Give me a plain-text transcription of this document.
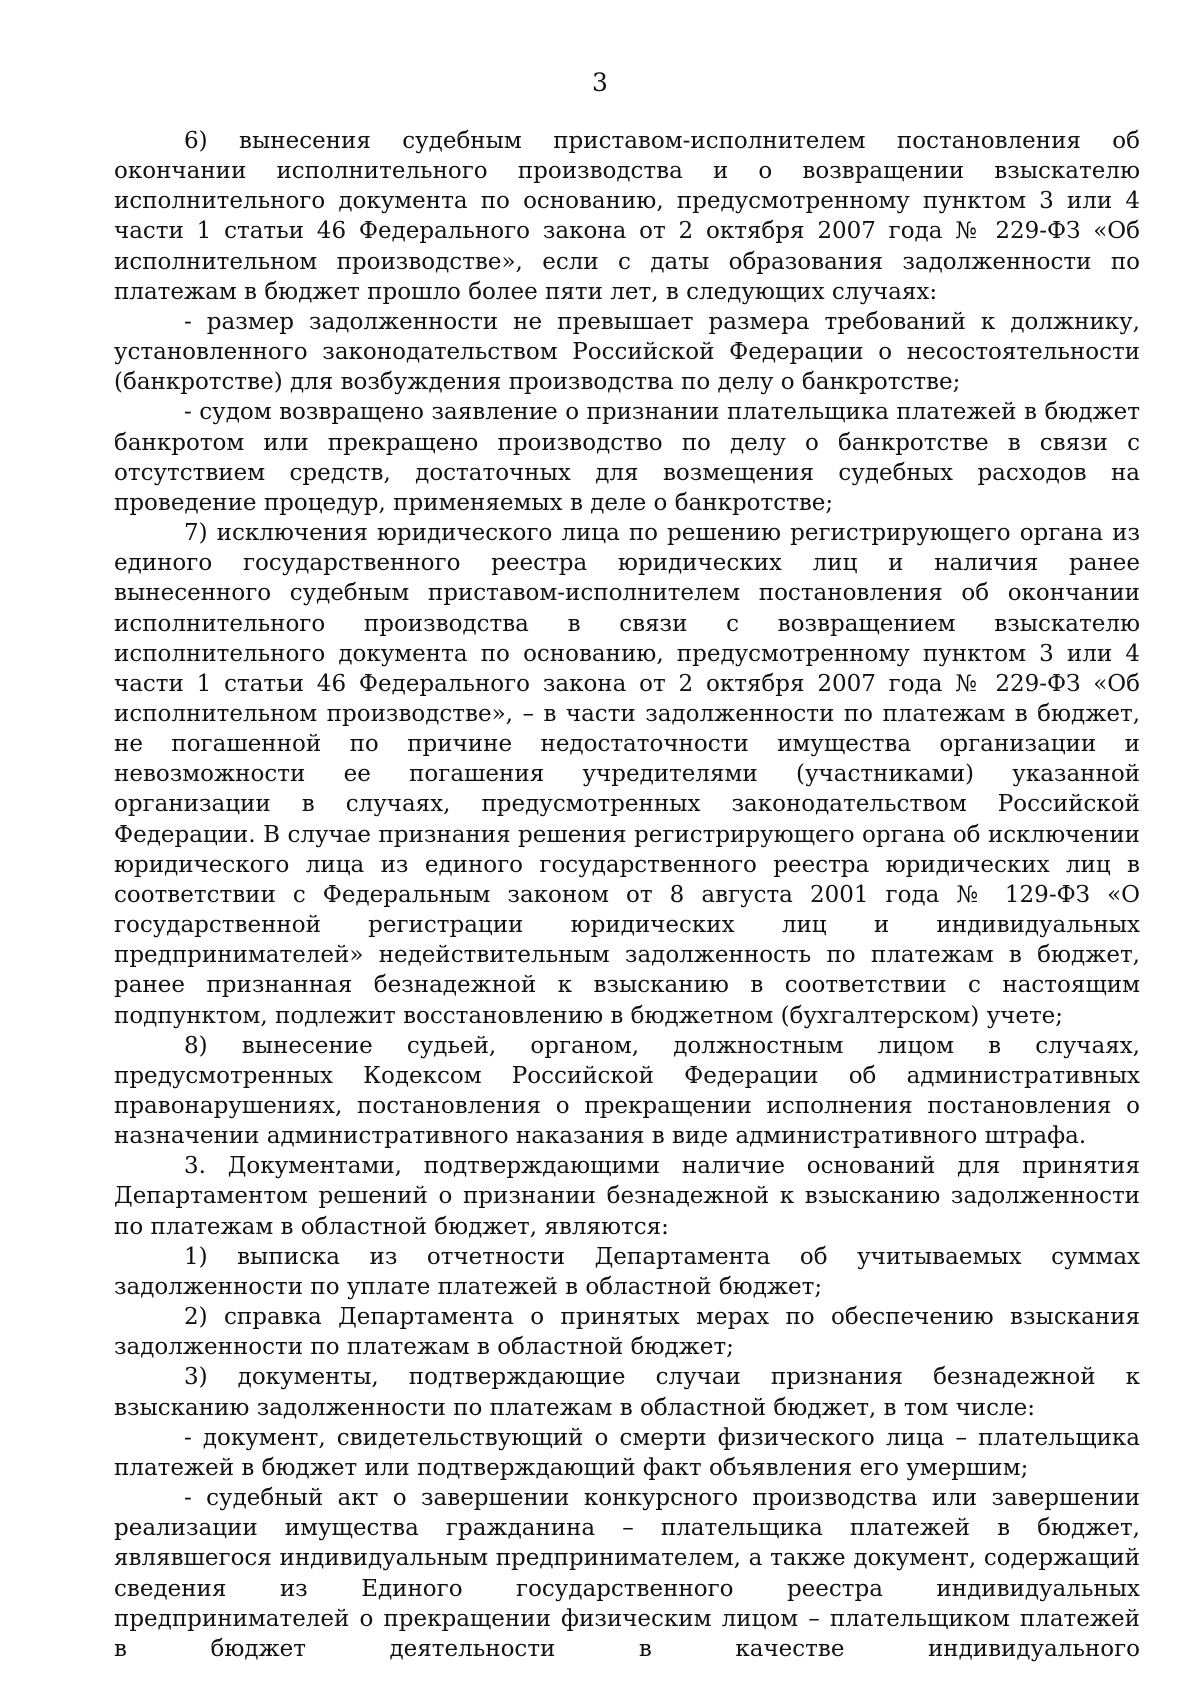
3

6) вынесения судебным приставом-исполнителем постановления об окончании исполнительного производства и о возвращении взыскателю исполнительного документа по основанию, предусмотренному пунктом 3 или 4 части 1 статьи 46 Федерального закона от 2 октября 2007 года № 229-ФЗ «Об исполнительном производстве», если с даты образования задолженности по платежам в бюджет прошло более пяти лет, в следующих случаях:

- размер задолженности не превышает размера требований к должнику, установленного законодательством Российской Федерации о несостоятельности (банкротстве) для возбуждения производства по делу о банкротстве;

- судом возвращено заявление о признании плательщика платежей в бюджет банкротом или прекращено производство по делу о банкротстве в связи с отсутствием средств, достаточных для возмещения судебных расходов на проведение процедур, применяемых в деле о банкротстве;

7) исключения юридического лица по решению регистрирующего органа из единого государственного реестра юридических лиц и наличия ранее вынесенного судебным приставом-исполнителем постановления об окончании исполнительного производства в связи с возвращением взыскателю исполнительного документа по основанию, предусмотренному пунктом 3 или 4 части 1 статьи 46 Федерального закона от 2 октября 2007 года № 229-ФЗ «Об исполнительном производстве», – в части задолженности по платежам в бюджет, не погашенной по причине недостаточности имущества организации и невозможности ее погашения учредителями (участниками) указанной организации в случаях, предусмотренных законодательством Российской Федерации. В случае признания решения регистрирующего органа об исключении юридического лица из единого государственного реестра юридических лиц в соответствии с Федеральным законом от 8 августа 2001 года № 129-ФЗ «О государственной регистрации юридических лиц и индивидуальных предпринимателей» недействительным задолженность по платежам в бюджет, ранее признанная безнадежной к взысканию в соответствии с настоящим подпунктом, подлежит восстановлению в бюджетном (бухгалтерском) учете;

8) вынесение судьей, органом, должностным лицом в случаях, предусмотренных Кодексом Российской Федерации об административных правонарушениях, постановления о прекращении исполнения постановления о назначении административного наказания в виде административного штрафа.

3. Документами, подтверждающими наличие оснований для принятия Департаментом решений о признании безнадежной к взысканию задолженности по платежам в областной бюджет, являются:

1) выписка из отчетности Департамента об учитываемых суммах задолженности по уплате платежей в областной бюджет;

2) справка Департамента о принятых мерах по обеспечению взыскания задолженности по платежам в областной бюджет;

3) документы, подтверждающие случаи признания безнадежной к взысканию задолженности по платежам в областной бюджет, в том числе:

- документ, свидетельствующий о смерти физического лица – плательщика платежей в бюджет или подтверждающий факт объявления его умершим;

- судебный акт о завершении конкурсного производства или завершении реализации имущества гражданина – плательщика платежей в бюджет, являвшегося индивидуальным предпринимателем, а также документ, содержащий сведения из Единого государственного реестра индивидуальных предпринимателей о прекращении физическим лицом – плательщиком платежей в бюджет деятельности в качестве индивидуального
